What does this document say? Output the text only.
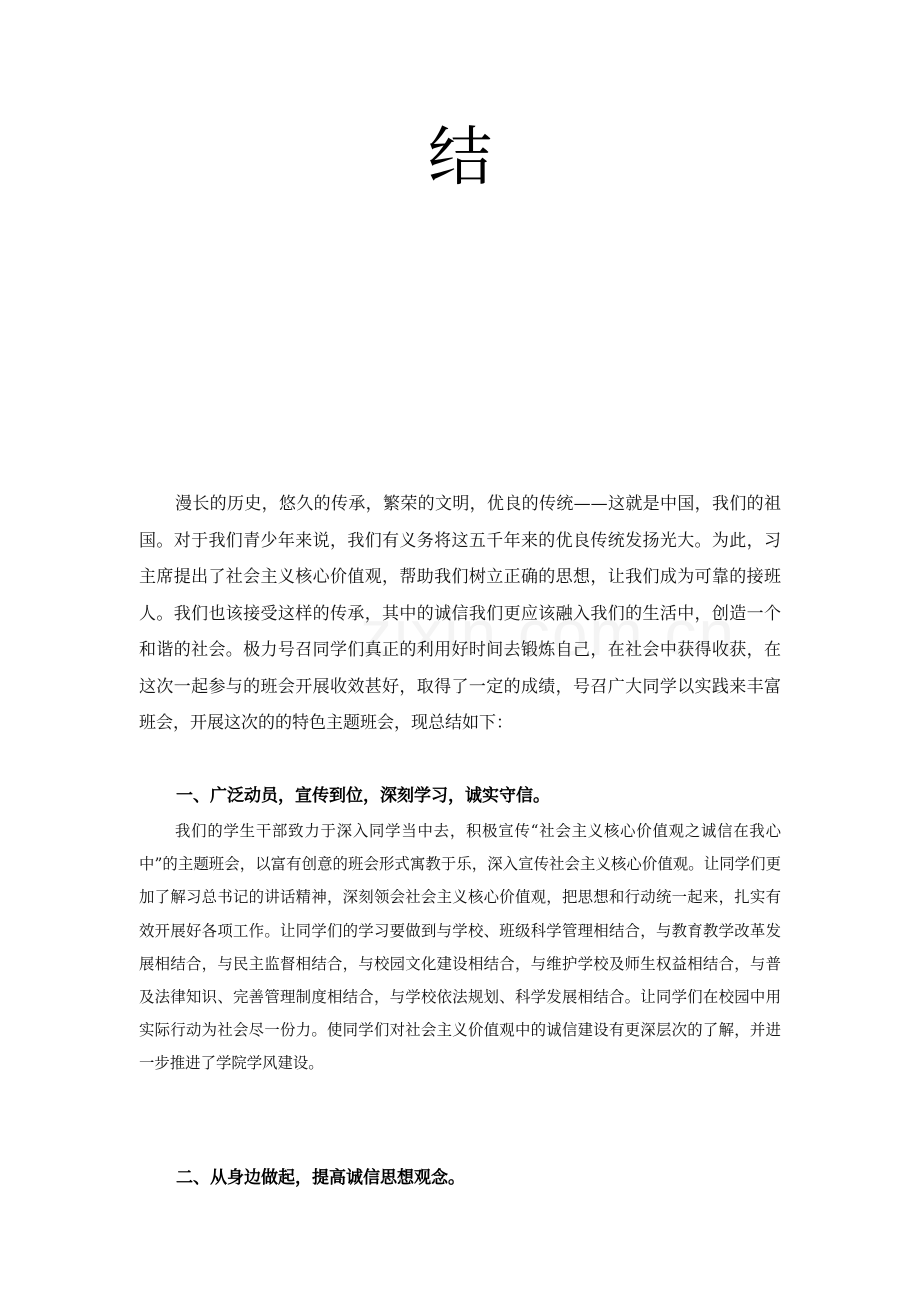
结

漫长的历史，悠久的传承，繁荣的文明，优良的传统——这就是中国，我们的祖国。对于我们青少年来说，我们有义务将这五千年来的优良传统发扬光大。为此，习主席提出了社会主义核心价值观，帮助我们树立正确的思想，让我们成为可靠的接班人。我们也该接受这样的传承，其中的诚信我们更应该融入我们的生活中，创造一个和谐的社会。极力号召同学们真正的利用好时间去锻炼自己，在社会中获得收获，在这次一起参与的班会开展收效甚好，取得了一定的成绩，号召广大同学以实践来丰富班会，开展这次的的特色主题班会，现总结如下：

一、广泛动员，宣传到位，深刻学习，诚实守信。

我们的学生干部致力于深入同学当中去，积极宣传“社会主义核心价值观之诚信在我心中”的主题班会，以富有创意的班会形式寓教于乐，深入宣传社会主义核心价值观。让同学们更加了解习总书记的讲话精神，深刻领会社会主义核心价值观，把思想和行动统一起来，扎实有效开展好各项工作。让同学们的学习要做到与学校、班级科学管理相结合，与教育教学改革发展相结合，与民主监督相结合，与校园文化建设相结合，与维护学校及师生权益相结合，与普及法律知识、完善管理制度相结合，与学校依法规划、科学发展相结合。让同学们在校园中用实际行动为社会尽一份力。使同学们对社会主义价值观中的诚信建设有更深层次的了解，并进一步推进了学院学风建设。

二、从身边做起，提高诚信思想观念。
